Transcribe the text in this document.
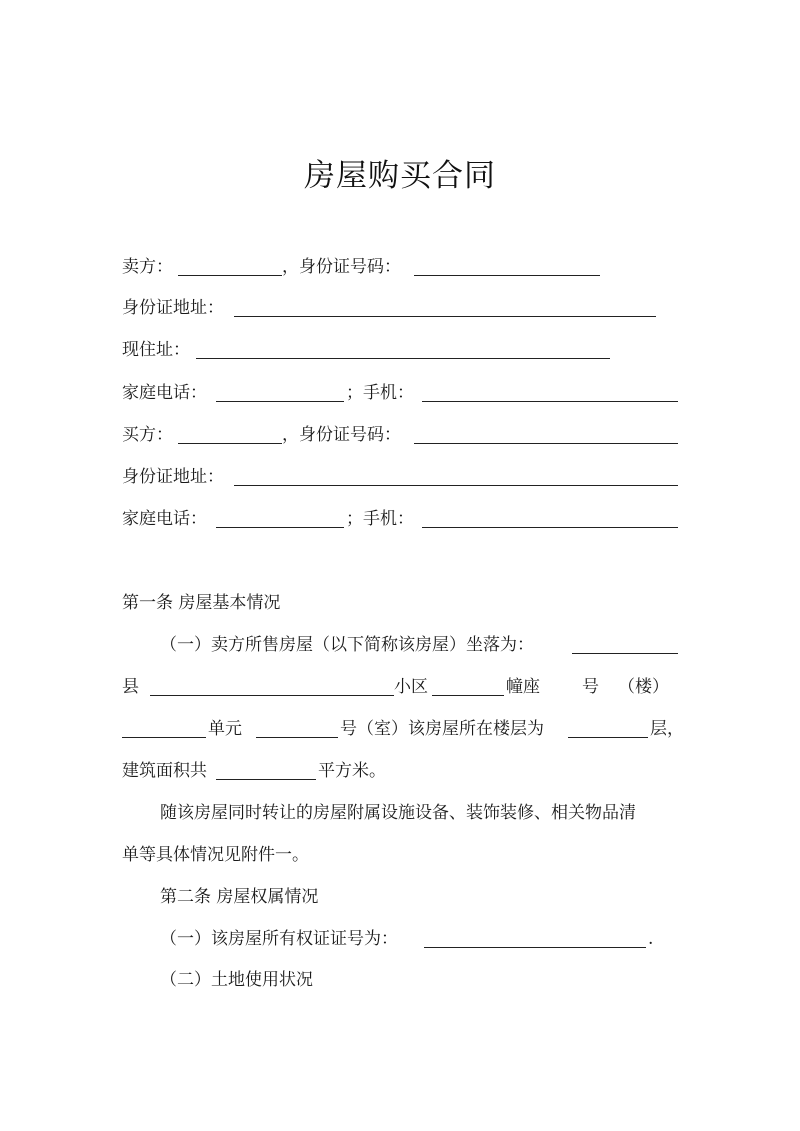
房屋购买合同
卖方：	，身份证号码：
身份证地址：
现住址：
家庭电话：	；手机：
买方：	，身份证号码：
身份证地址：
家庭电话：	；手机：
第一条 房屋基本情况
（一）卖方所售房屋（以下简称该房屋）坐落为：
县	小区	幢座 号 （楼）
单元	号（室）该房屋所在楼层为	层，
建筑面积共	平方米。
随该房屋同时转让的房屋附属设施设备、装饰装修、相关物品清
单等具体情况见附件一。
第二条 房屋权属情况
（一）该房屋所有权证证号为：	.
（二）土地使用状况
